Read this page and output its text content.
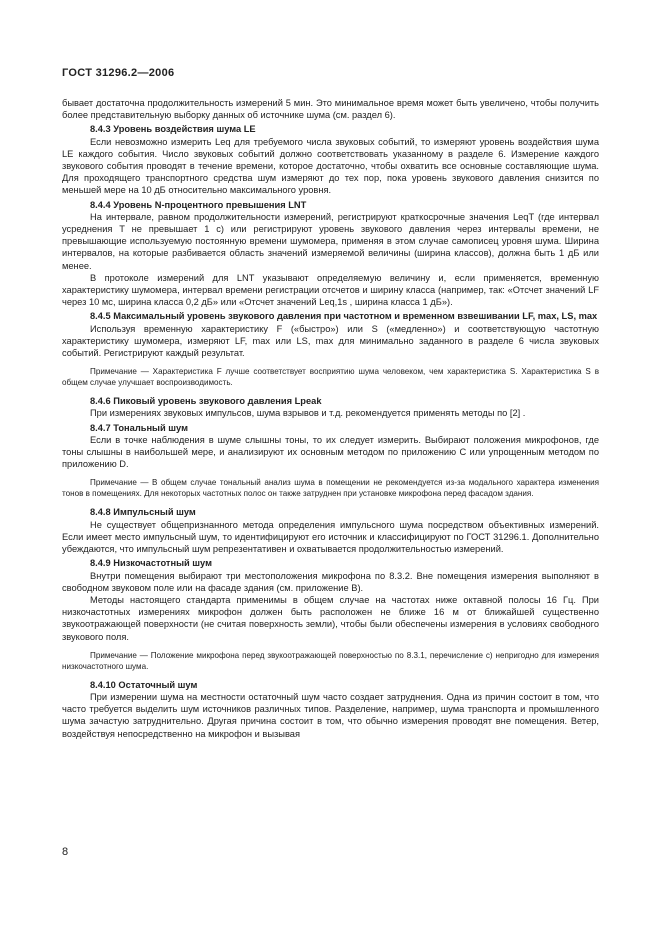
ГОСТ 31296.2—2006

бывает достаточна продолжительность измерений 5 мин. Это минимальное время может быть увеличено, чтобы получить более представительную выборку данных об источнике шума (см. раздел 6).

8.4.3 Уровень воздействия шума LE

Если невозможно измерить Leq для требуемого числа звуковых событий, то измеряют уровень воздействия шума LE каждого события. Число звуковых событий должно соответствовать указанному в разделе 6. Измерение каждого звукового события проводят в течение времени, которое достаточно, чтобы охватить все основные составляющие шума. Для проходящего транспортного средства шум измеряют до тех пор, пока уровень звукового давления снизится по меньшей мере на 10 дБ относительно максимального уровня.

8.4.4 Уровень N-процентного превышения LNT

На интервале, равном продолжительности измерений, регистрируют краткосрочные значения LeqT (где интервал усреднения T не превышает 1 с) или регистрируют уровень звукового давления через интервалы времени, не превышающие используемую постоянную времени шумомера, применяя в этом случае самописец уровня шума. Ширина интервалов, на которые разбивается область значений измеряемой величины (ширина классов), должна быть 1 дБ или менее.

В протоколе измерений для LNT указывают определяемую величину и, если применяется, временную характеристику шумомера, интервал времени регистрации отсчетов и ширину класса (например, так: «Отсчет значений LF через 10 мс, ширина класса 0,2 дБ» или «Отсчет значений Leq,1s , ширина класса 1 дБ»).

8.4.5 Максимальный уровень звукового давления при частотном и временном взвешивании LF, max, LS, max

Используя временную характеристику F («быстро») или S («медленно») и соответствующую частотную характеристику шумомера, измеряют LF, max или LS, max для минимально заданного в разделе 6 числа звуковых событий. Регистрируют каждый результат.

Примечание — Характеристика F лучше соответствует восприятию шума человеком, чем характеристика S. Характеристика S в общем случае улучшает воспроизводимость.

8.4.6 Пиковый уровень звукового давления Lpeak

При измерениях звуковых импульсов, шума взрывов и т.д. рекомендуется применять методы по [2] .

8.4.7 Тональный шум

Если в точке наблюдения в шуме слышны тоны, то их следует измерить. Выбирают положения микрофонов, где тоны слышны в наибольшей мере, и анализируют их основным методом по приложению С или упрощенным методом по приложению D.

Примечание — В общем случае тональный анализ шума в помещении не рекомендуется из-за модального характера изменения тонов в помещениях. Для некоторых частотных полос он также затруднен при установке микрофона перед фасадом здания.

8.4.8 Импульсный шум

Не существует общепризнанного метода определения импульсного шума посредством объективных измерений. Если имеет место импульсный шум, то идентифицируют его источник и классифицируют по ГОСТ 31296.1. Дополнительно убеждаются, что импульсный шум репрезентативен и охватывается продолжительностью измерений.

8.4.9 Низкочастотный шум

Внутри помещения выбирают три местоположения микрофона по 8.3.2. Вне помещения измерения выполняют в свободном звуковом поле или на фасаде здания (см. приложение В).

Методы настоящего стандарта применимы в общем случае на частотах ниже октавной полосы 16 Гц. При низкочастотных измерениях микрофон должен быть расположен не ближе 16 м от ближайшей существенно звукоотражающей поверхности (не считая поверхность земли), чтобы были обеспечены измерения в условиях свободного звукового поля.

Примечание — Положение микрофона перед звукоотражающей поверхностью по 8.3.1, перечисление с) непригодно для измерения низкочастотного шума.

8.4.10 Остаточный шум

При измерении шума на местности остаточный шум часто создает затруднения. Одна из причин состоит в том, что часто требуется выделить шум источников различных типов. Разделение, например, шума транспорта и промышленного шума зачастую затруднительно. Другая причина состоит в том, что обычно измерения проводят вне помещения. Ветер, воздействуя непосредственно на микрофон и вызывая

8
